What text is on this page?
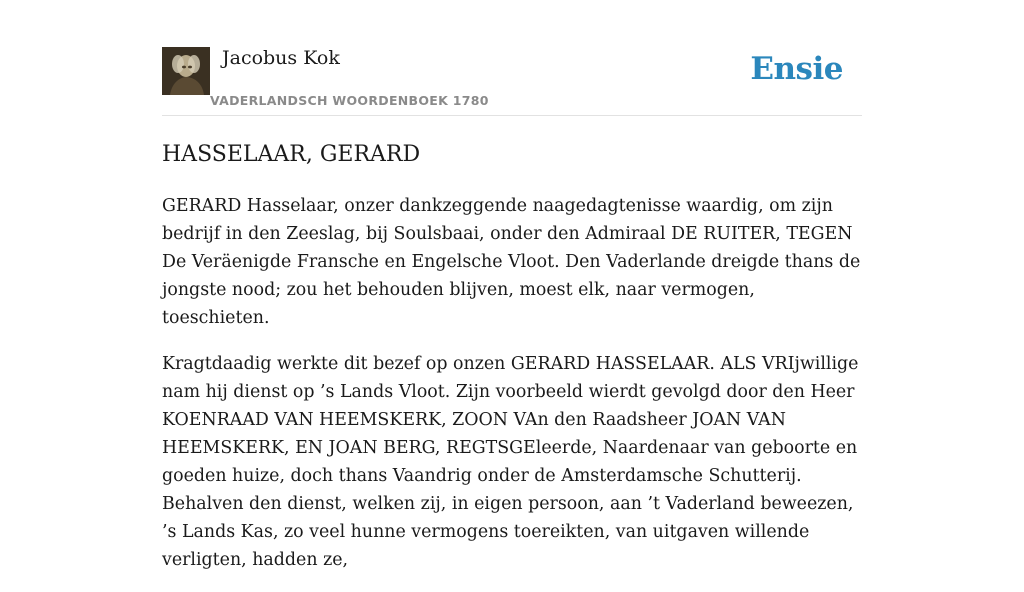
Jacobus Kok
VADERLANDSCH WOORDENBOEK 1780
Ensie
HASSELAAR, GERARD

GERARD Hasselaar, onzer dankzeggende naagedagtenisse waardig, om zijn bedrijf in den Zeeslag, bij Soulsbaai, onder den Admiraal DE RUITER, TEGEN De Veräenigde Fransche en Engelsche Vloot. Den Vaderlande dreigde thans de jongste nood; zou het behouden blijven, moest elk, naar vermogen, toeschieten.

Kragtdaadig werkte dit bezef op onzen GERARD HASSELAAR. ALS VRIjwillige nam hij dienst op ’s Lands Vloot. Zijn voorbeeld wierdt gevolgd door den Heer KOENRAAD VAN HEEMSKERK, ZOON VAn den Raadsheer JOAN VAN HEEMSKERK, EN JOAN BERG, REGTSGEleerde, Naardenaar van geboorte en goeden huize, doch thans Vaandrig onder de Amsterdamsche Schutterij. Behalven den dienst, welken zij, in eigen persoon, aan ’t Vaderland beweezen, ’s Lands Kas, zo veel hunne vermogens toereikten, van uitgaven willende verligten, hadden ze,
